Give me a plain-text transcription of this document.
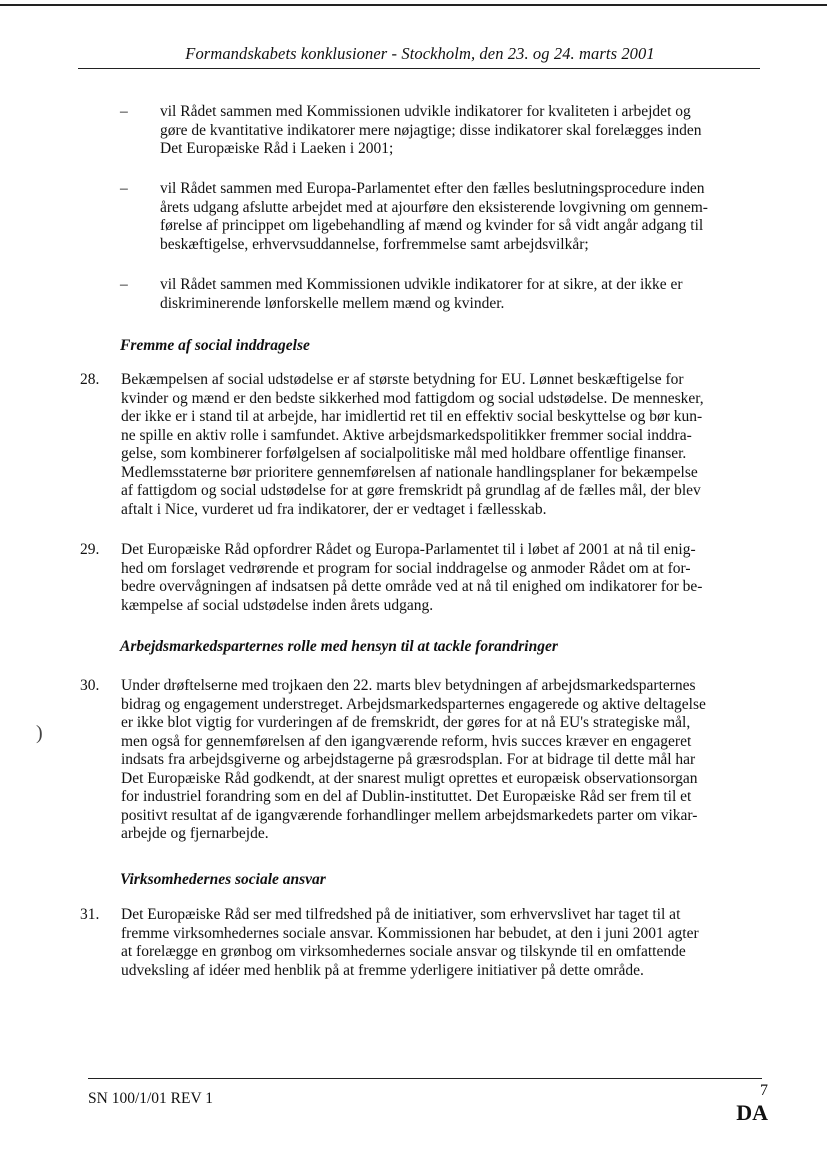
Formandskabets konklusioner - Stockholm, den 23. og 24. marts 2001
–	vil Rådet sammen med Kommissionen udvikle indikatorer for kvaliteten i arbejdet og
gøre de kvantitative indikatorer mere nøjagtige; disse indikatorer skal forelægges inden
Det Europæiske Råd i Laeken i 2001;
–	vil Rådet sammen med Europa-Parlamentet efter den fælles beslutningsprocedure inden
årets udgang afslutte arbejdet med at ajourføre den eksisterende lovgivning om gennem-
førelse af princippet om ligebehandling af mænd og kvinder for så vidt angår adgang til
beskæftigelse, erhvervsuddannelse, forfremmelse samt arbejdsvilkår;
–	vil Rådet sammen med Kommissionen udvikle indikatorer for at sikre, at der ikke er
diskriminerende lønforskelle mellem mænd og kvinder.
Fremme af social inddragelse
28.	Bekæmpelsen af social udstødelse er af største betydning for EU. Lønnet beskæftigelse for
kvinder og mænd er den bedste sikkerhed mod fattigdom og social udstødelse. De mennesker,
der ikke er i stand til at arbejde, har imidlertid ret til en effektiv social beskyttelse og bør kun-
ne spille en aktiv rolle i samfundet. Aktive arbejdsmarkedspolitikker fremmer social inddra-
gelse, som kombinerer forfølgelsen af socialpolitiske mål med holdbare offentlige finanser.
Medlemsstaterne bør prioritere gennemførelsen af nationale handlingsplaner for bekæmpelse
af fattigdom og social udstødelse for at gøre fremskridt på grundlag af de fælles mål, der blev
aftalt i Nice, vurderet ud fra indikatorer, der er vedtaget i fællesskab.
29.	Det Europæiske Råd opfordrer Rådet og Europa-Parlamentet til i løbet af 2001 at nå til enig-
hed om forslaget vedrørende et program for social inddragelse og anmoder Rådet om at for-
bedre overvågningen af indsatsen på dette område ved at nå til enighed om indikatorer for be-
kæmpelse af social udstødelse inden årets udgang.
Arbejdsmarkedsparternes rolle med hensyn til at tackle forandringer
30.	Under drøftelserne med trojkaen den 22. marts blev betydningen af arbejdsmarkedsparternes
bidrag og engagement understreget. Arbejdsmarkedsparternes engagerede og aktive deltagelse
er ikke blot vigtig for vurderingen af de fremskridt, der gøres for at nå EU's strategiske mål,
men også for gennemførelsen af den igangværende reform, hvis succes kræver en engageret
indsats fra arbejdsgiverne og arbejdstagerne på græsrodsplan. For at bidrage til dette mål har
Det Europæiske Råd godkendt, at der snarest muligt oprettes et europæisk observationsorgan
for industriel forandring som en del af Dublin-instituttet. Det Europæiske Råd ser frem til et
positivt resultat af de igangværende forhandlinger mellem arbejdsmarkedets parter om vikar-
arbejde og fjernarbejde.
Virksomhedernes sociale ansvar
31.	Det Europæiske Råd ser med tilfredshed på de initiativer, som erhvervslivet har taget til at
fremme virksomhedernes sociale ansvar. Kommissionen har bebudet, at den i juni 2001 agter
at forelægge en grønbog om virksomhedernes sociale ansvar og tilskynde til en omfattende
udveksling af idéer med henblik på at fremme yderligere initiativer på dette område.
)
SN 100/1/01 REV 1	7
DA
